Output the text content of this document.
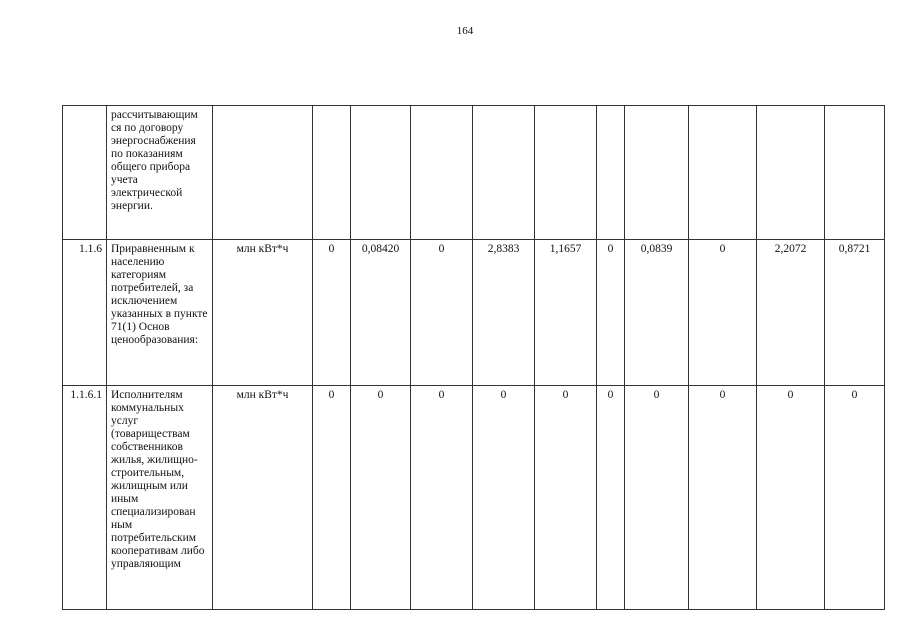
164
	рассчитывающим ся по договору энергоснабжения по показаниям общего прибора учета электрической энергии.											
1.1.6	Приравненным к населению категориям потребителей, за исключением указанных в пункте 71(1) Основ ценообразования:	млн кВт*ч	0	0,08420	0	2,8383	1,1657	0	0,0839	0	2,2072	0,8721
1.1.6.1	Исполнителям коммунальных услуг (товариществам собственников жилья, жилищно-строительным, жилищным или иным специализирован ным потребительским кооперативам либо управляющим	млн кВт*ч	0	0	0	0	0	0	0	0	0	0
